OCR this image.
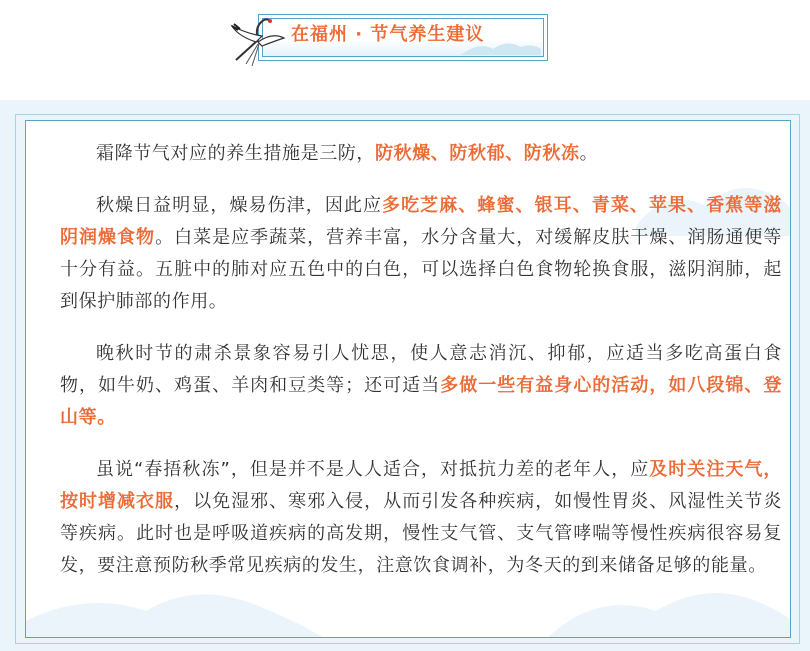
在福州 · 节气养生建议

霜降节气对应的养生措施是三防，防秋燥、防秋郁、防秋冻。

秋燥日益明显，燥易伤津，因此应多吃芝麻、蜂蜜、银耳、青菜、苹果、香蕉等滋阴润燥食物。白菜是应季蔬菜，营养丰富，水分含量大，对缓解皮肤干燥、润肠通便等十分有益。五脏中的肺对应五色中的白色，可以选择白色食物轮换食服，滋阴润肺，起到保护肺部的作用。

晚秋时节的肃杀景象容易引人忧思，使人意志消沉、抑郁，应适当多吃高蛋白食物，如牛奶、鸡蛋、羊肉和豆类等；还可适当多做一些有益身心的活动，如八段锦、登山等。

虽说“春捂秋冻”，但是并不是人人适合，对抵抗力差的老年人，应及时关注天气，按时增减衣服，以免湿邪、寒邪入侵，从而引发各种疾病，如慢性胃炎、风湿性关节炎等疾病。此时也是呼吸道疾病的高发期，慢性支气管、支气管哮喘等慢性疾病很容易复发，要注意预防秋季常见疾病的发生，注意饮食调补，为冬天的到来储备足够的能量。
